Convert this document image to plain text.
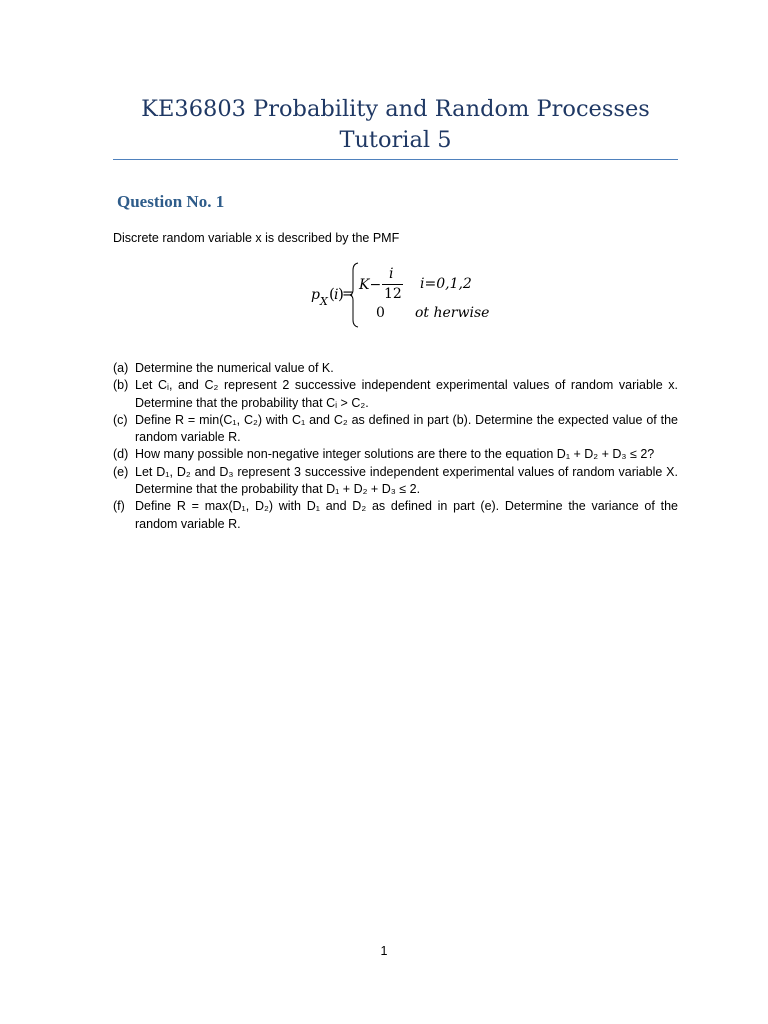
KE36803 Probability and Random Processes
Tutorial 5
Question No. 1
Discrete random variable x is described by the PMF
p X ( i )
=
K−
i
12
i=0,1,2
0 ot herwise
(a) Determine the numerical value of K.
(b) Let Cᵢ, and C₂ represent 2 successive independent experimental values of random variable x. Determine that the probability that Cᵢ > C₂.
(c) Define R = min(C₁, C₂) with C₁ and C₂ as defined in part (b). Determine the expected value of the random variable R.
(d) How many possible non-negative integer solutions are there to the equation D₁ + D₂ + D₃ ≤ 2?
(e) Let D₁, D₂ and D₃ represent 3 successive independent experimental values of random variable X. Determine that the probability that D₁ + D₂ + D₃ ≤ 2.
(f) Define R = max(D₁, D₂) with D₁ and D₂ as defined in part (e). Determine the variance of the random variable R.
1
